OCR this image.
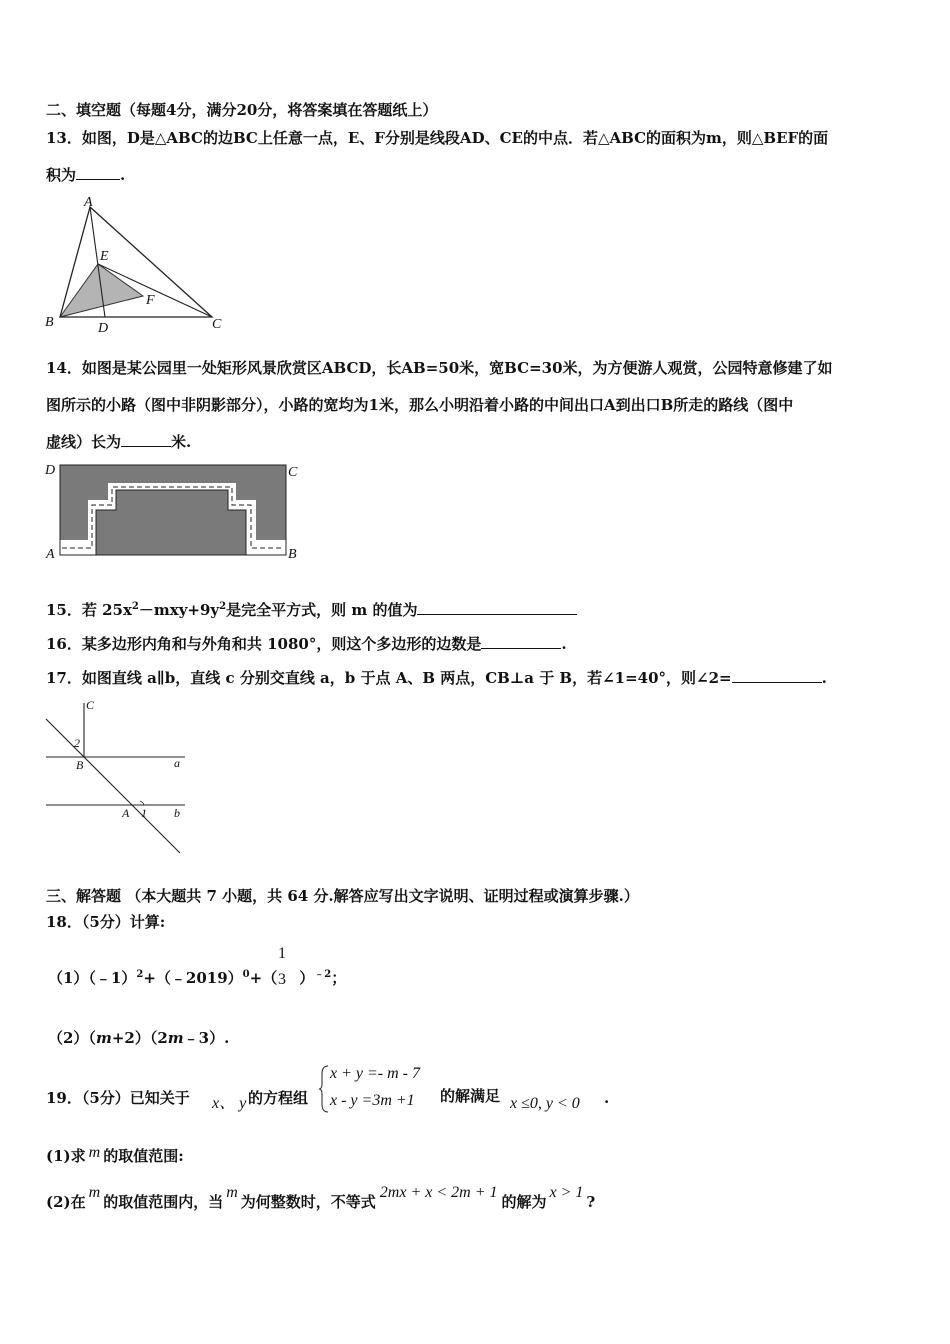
二、填空题（每题4分，满分20分，将答案填在答题纸上）
13．如图，D是△ABC的边BC上任意一点，E、F分别是线段AD、CE的中点．若△ABC的面积为m，则△BEF的面
积为	.
A
B	C
D
E
F
14．如图是某公园里一处矩形风景欣赏区ABCD，长AB=50米，宽BC=30米，为方便游人观赏，公园特意修建了如
图所示的小路（图中非阴影部分），小路的宽均为1米，那么小明沿着小路的中间出口A到出口B所走的路线（图中
虚线）长为	米.
D	C
A	B
15．若 $25x^2-mxy+9y^2$是完全平方式，则 m 的值为
16．某多边形内角和与外角和共 1080°，则这个多边形的边数是	.
17．如图直线 a∥b，直线 c 分别交直线 a，b 于点 A、B 两点，CB⊥a 于 B，若∠1=40°，则∠2=	.
C
2
B	a
A 1 b
三、解答题 （本大题共 7 小题，共 64 分.解答应写出文字说明、证明过程或演算步骤.）
18．（5分）计算:
（1）（﹣1）$^2$+（﹣2019）$^0$+（ ）$^{﹣2}$；
1
3
（2）（m+2）（2m﹣3）.
19．（5分）已知关于 x、 y 的方程组
x + y =- m - 7
x - y =3m +1 的解满足 x ≤0, y < 0 ·
(1)求 m 的取值范围:
(2)在m的取值范围内，当m为何整数时，不等式2mx + x < 2m + 1的解为x > 1?
